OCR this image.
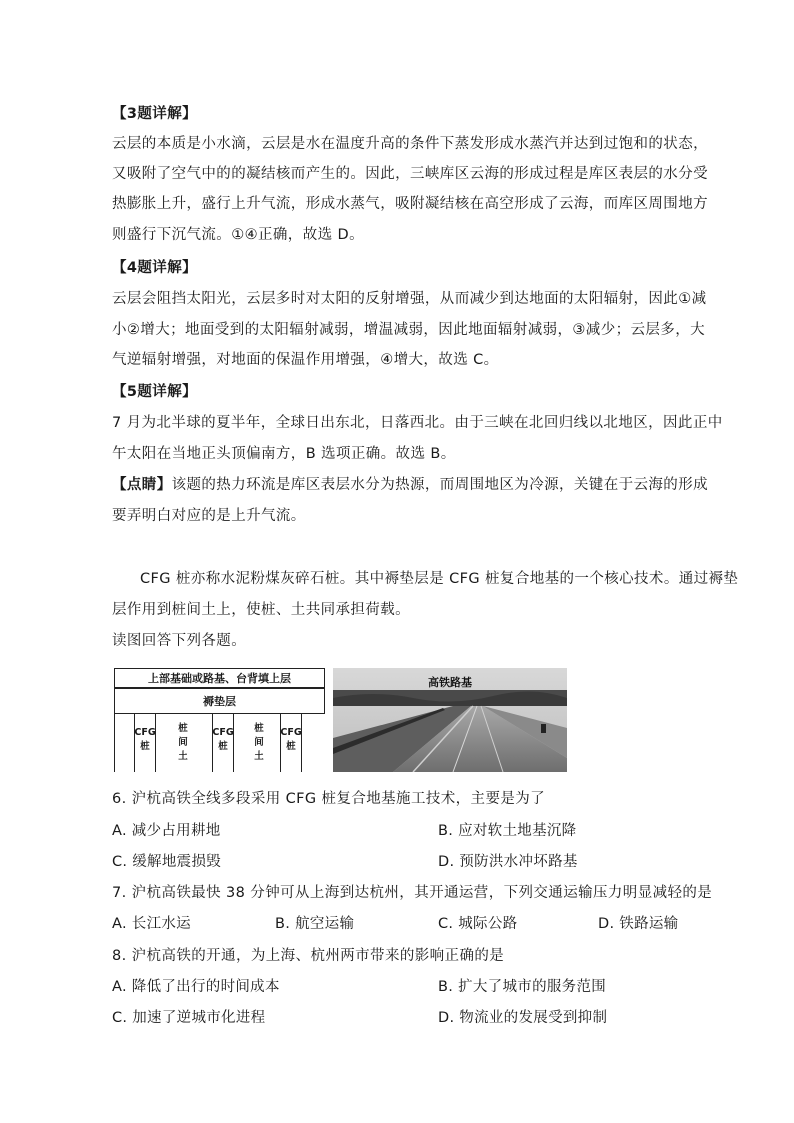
【3题详解】
云层的本质是小水滴，云层是水在温度升高的条件下蒸发形成水蒸汽并达到过饱和的状态，
又吸附了空气中的的凝结核而产生的。因此，三峡库区云海的形成过程是库区表层的水分受
热膨胀上升，盛行上升气流，形成水蒸气，吸附凝结核在高空形成了云海，而库区周围地方
则盛行下沉气流。①④正确，故选 D。
【4题详解】
云层会阻挡太阳光，云层多时对太阳的反射增强，从而减少到达地面的太阳辐射，因此①减
小②增大；地面受到的太阳辐射减弱，增温减弱，因此地面辐射减弱，③减少；云层多，大
气逆辐射增强，对地面的保温作用增强，④增大，故选 C。
【5题详解】
7 月为北半球的夏半年，全球日出东北，日落西北。由于三峡在北回归线以北地区，因此正中
午太阳在当地正头顶偏南方，B 选项正确。故选 B。
【点睛】该题的热力环流是库区表层水分为热源，而周围地区为冷源，关键在于云海的形成
要弄明白对应的是上升气流。
CFG 桩亦称水泥粉煤灰碎石桩。其中褥垫层是 CFG 桩复合地基的一个核心技术。通过褥垫
层作用到桩间土上，使桩、土共同承担荷载。
读图回答下列各题。
上部基础或路基、台背填上层
褥垫层
CFG
桩
桩
间
土
CFG
桩
桩
间
土
CFG
桩
高铁路基
6. 沪杭高铁全线多段采用 CFG 桩复合地基施工技术，主要是为了
A. 减少占用耕地	B. 应对软土地基沉降
C. 缓解地震损毁	D. 预防洪水冲坏路基
7. 沪杭高铁最快 38 分钟可从上海到达杭州，其开通运营，下列交通运输压力明显减轻的是
A. 长江水运	B. 航空运输	C. 城际公路	D. 铁路运输
8. 沪杭高铁的开通，为上海、杭州两市带来的影响正确的是
A. 降低了出行的时间成本	B. 扩大了城市的服务范围
C. 加速了逆城市化进程	D. 物流业的发展受到抑制
